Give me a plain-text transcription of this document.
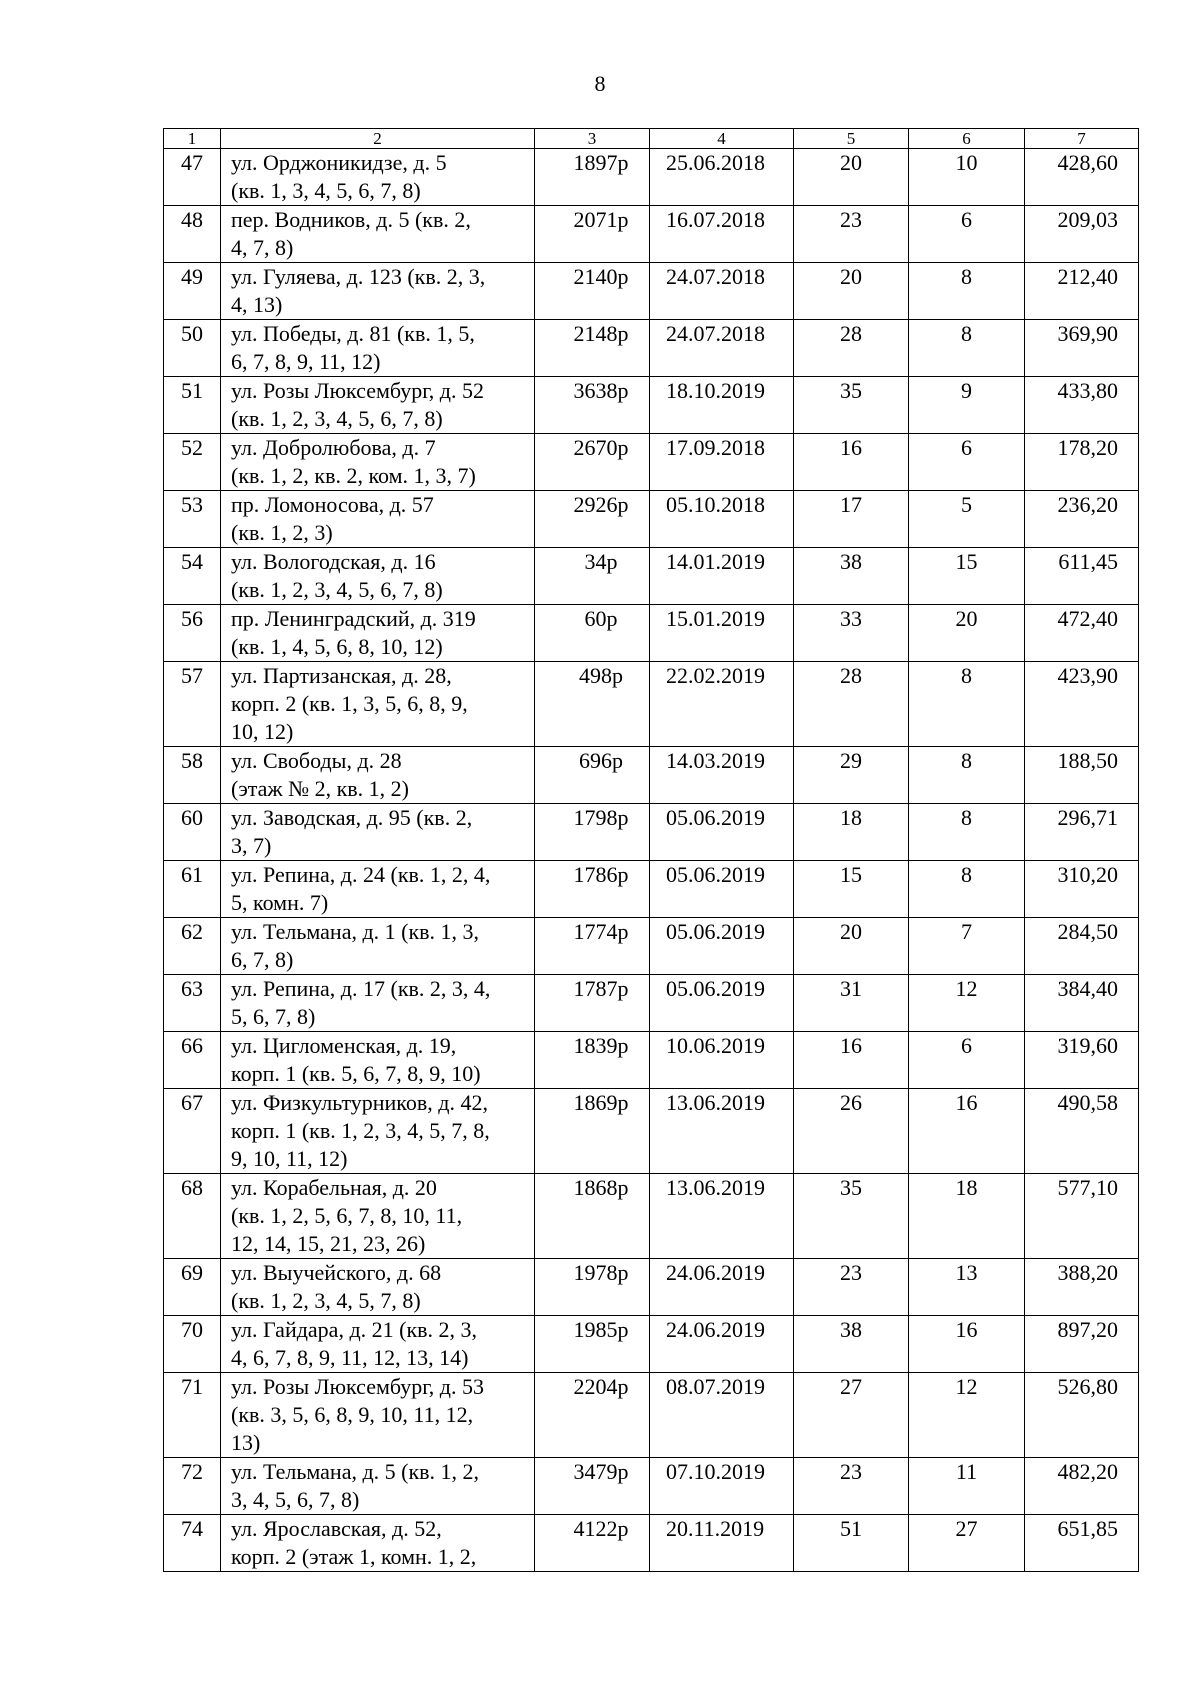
8
1	2	3	4	5	6	7
47	ул. Орджоникидзе, д. 5
(кв. 1, 3, 4, 5, 6, 7, 8)	1897р	25.06.2018	20	10	428,60
48	пер. Водников, д. 5 (кв. 2,
4, 7, 8)	2071р	16.07.2018	23	6	209,03
49	ул. Гуляева, д. 123 (кв. 2, 3,
4, 13)	2140р	24.07.2018	20	8	212,40
50	ул. Победы, д. 81 (кв. 1, 5,
6, 7, 8, 9, 11, 12)	2148р	24.07.2018	28	8	369,90
51	ул. Розы Люксембург, д. 52
(кв. 1, 2, 3, 4, 5, 6, 7, 8)	3638р	18.10.2019	35	9	433,80
52	ул. Добролюбова, д. 7
(кв. 1, 2, кв. 2, ком. 1, 3, 7)	2670р	17.09.2018	16	6	178,20
53	пр. Ломоносова, д. 57
(кв. 1, 2, 3)	2926р	05.10.2018	17	5	236,20
54	ул. Вологодская, д. 16
(кв. 1, 2, 3, 4, 5, 6, 7, 8)	34р	14.01.2019	38	15	611,45
56	пр. Ленинградский, д. 319
(кв. 1, 4, 5, 6, 8, 10, 12)	60р	15.01.2019	33	20	472,40
57	ул. Партизанская, д. 28,
корп. 2 (кв. 1, 3, 5, 6, 8, 9,
10, 12)	498р	22.02.2019	28	8	423,90
58	ул. Свободы, д. 28
(этаж № 2, кв. 1, 2)	696р	14.03.2019	29	8	188,50
60	ул. Заводская, д. 95 (кв. 2,
3, 7)	1798р	05.06.2019	18	8	296,71
61	ул. Репина, д. 24 (кв. 1, 2, 4,
5, комн. 7)	1786р	05.06.2019	15	8	310,20
62	ул. Тельмана, д. 1 (кв. 1, 3,
6, 7, 8)	1774р	05.06.2019	20	7	284,50
63	ул. Репина, д. 17 (кв. 2, 3, 4,
5, 6, 7, 8)	1787р	05.06.2019	31	12	384,40
66	ул. Цигломенская, д. 19,
корп. 1 (кв. 5, 6, 7, 8, 9, 10)	1839р	10.06.2019	16	6	319,60
67	ул. Физкультурников, д. 42,
корп. 1 (кв. 1, 2, 3, 4, 5, 7, 8,
9, 10, 11, 12)	1869р	13.06.2019	26	16	490,58
68	ул. Корабельная, д. 20
(кв. 1, 2, 5, 6, 7, 8, 10, 11,
12, 14, 15, 21, 23, 26)	1868р	13.06.2019	35	18	577,10
69	ул. Выучейского, д. 68
(кв. 1, 2, 3, 4, 5, 7, 8)	1978р	24.06.2019	23	13	388,20
70	ул. Гайдара, д. 21 (кв. 2, 3,
4, 6, 7, 8, 9, 11, 12, 13, 14)	1985р	24.06.2019	38	16	897,20
71	ул. Розы Люксембург, д. 53
(кв. 3, 5, 6, 8, 9, 10, 11, 12,
13)	2204р	08.07.2019	27	12	526,80
72	ул. Тельмана, д. 5 (кв. 1, 2,
3, 4, 5, 6, 7, 8)	3479р	07.10.2019	23	11	482,20
74	ул. Ярославская, д. 52,
корп. 2 (этаж 1, комн. 1, 2,	4122р	20.11.2019	51	27	651,85
